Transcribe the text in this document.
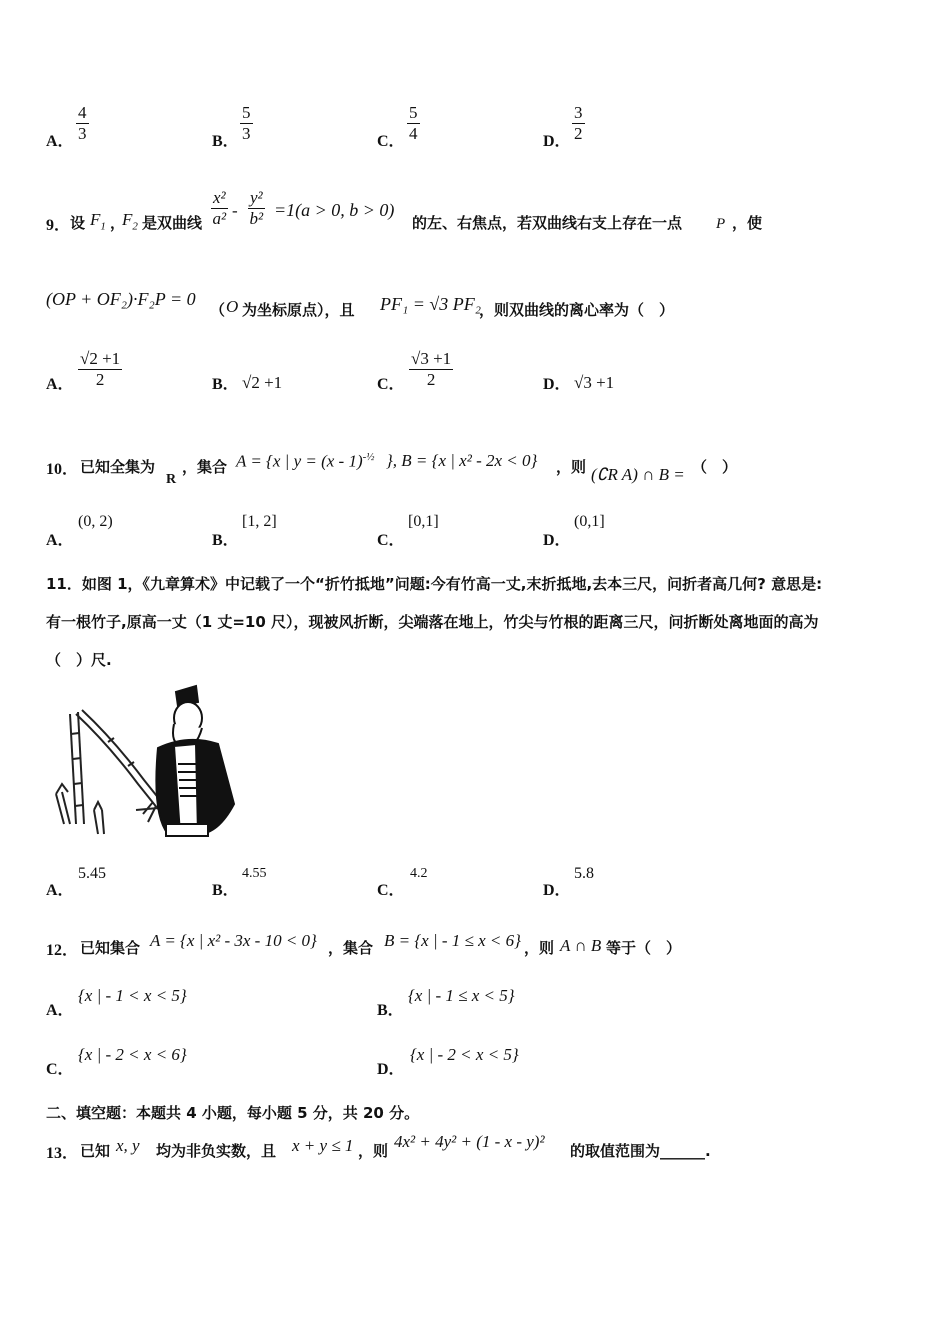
A．
4
3	B．
5
3	C．
5
4	D．
3
2
9． 设 $F_1$ ，
$F_2$ 是双曲线
x²
a² -
y²
b² =1(a > 0, b > 0)
的左、右焦点，若双曲线右支上存在一点 P ，使
(OP + OF₂)·F₂P = 0
（ O 为坐标原点），且 PF₁ = √3 PF₂
，则双曲线的离心率为（　）
A．
√2 +1
2	B． √2 +1	C．
√3 +1
2	D． √3 +1
10． 已知全集为
R
，集合 A = {x | y = (x - 1)$^{-\frac{1}{2}}$ }, B = {x | x² - 2x < 0} ，则 (∁R A) ∩ B = （　）
A．
(0, 2)
B．
[1, 2]
C．
[0,1]
D．
(0,1]
11．如图 1，《九章算术》中记载了一个“折竹抵地”问题:今有竹高一丈,末折抵地,去本三尺，问折者高几何? 意思是:
有一根竹子,原高一丈（1 丈=10 尺），现被风折断，尖端落在地上，竹尖与竹根的距离三尺，问折断处离地面的高为
（　）尺.
A．
5.45
B．
4.55
C．
4.2
D．
5.8
12． 已知集合 A = {x | x² - 3x - 10 < 0} ，集合 B = {x | - 1 ≤ x < 6} ，则 A ∩ B 等于（　）
A．
{x | - 1 < x < 5}
B．
{x | - 1 ≤ x < 5}
C．
{x | - 2 < x < 6}
D．
{x | - 2 < x < 5}
二、填空题：本题共 4 小题，每小题 5 分，共 20 分。
13． 已知 x, y 均为非负实数，且 x + y ≤ 1 ，则 4x² + 4y² + (1 - x - y)² 的取值范围为______.
